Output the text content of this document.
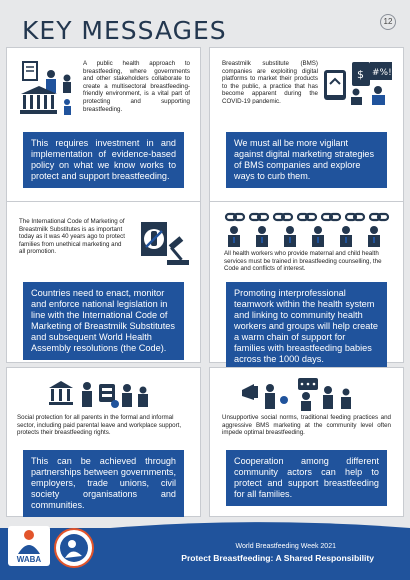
KEY MESSAGES	12
A public health approach to breastfeeding, where governments and other stakeholders collaborate to create a multisectoral breastfeeding-friendly environment, is a vital part of protecting and supporting breastfeeding.
This requires investment in and implementation of evidence-based policy on what we know works to protect and support breastfeeding.
Breastmilk substitute (BMS) companies are exploiting digital platforms to market their products to the public, a practice that has become apparent during the COVID-19 pandemic.
$ #%!
We must all be more vigilant against digital marketing strategies of BMS companies and explore ways to curb them.
The International Code of Marketing of Breastmilk Substitutes is as important today as it was 40 years ago to protect families from unethical marketing and all promotion.
Countries need to enact, monitor and enforce national legislation in line with the International Code of Marketing of Breastmilk Substitutes and subsequent World Health Assembly resolutions (the Code).
All health workers who provide maternal and child health services must be trained in breastfeeding counselling, the Code and conflicts of interest.
Promoting interprofessional teamwork within the health system and linking to community health workers and groups will help create a warm chain of support for families with breastfeeding babies across the 1000 days.
Social protection for all parents in the formal and informal sector, including paid parental leave and workplace support, protects their breastfeeding rights.
This can be achieved through partnerships between governments, employers, trade unions, civil society organisations and communities.
Unsupportive social norms, traditional feeding practices and aggressive BMS marketing at the community level often impede optimal breastfeeding.
Cooperation among different community actors can help to protect and support breastfeeding for all families.
WABA
World Breastfeeding Week 2021
Protect Breastfeeding: A Shared Responsibility
